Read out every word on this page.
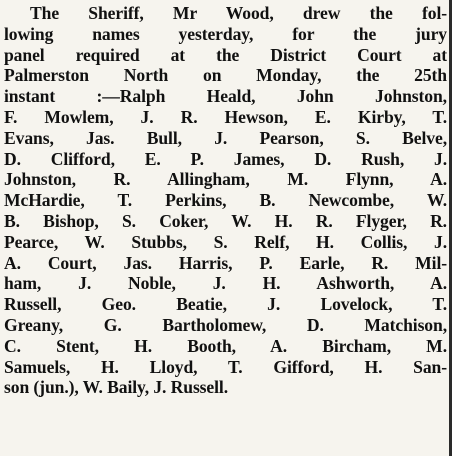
The Sheriff, Mr Wood, drew the fol-
lowing names yesterday, for the jury
panel required at the District Court at
Palmerston North on Monday, the 25th
instant :—Ralph Heald, John Johnston,
F. Mowlem, J. R. Hewson, E. Kirby, T.
Evans, Jas. Bull, J. Pearson, S. Belve,
D. Clifford, E. P. James, D. Rush, J.
Johnston, R. Allingham, M. Flynn, A.
McHardie, T. Perkins, B. Newcombe, W.
B. Bishop, S. Coker, W. H. R. Flyger, R.
Pearce, W. Stubbs, S. Relf, H. Collis, J.
A. Court, Jas. Harris, P. Earle, R. Mil-
ham, J. Noble, J. H. Ashworth, A.
Russell, Geo. Beatie, J. Lovelock, T.
Greany, G. Bartholomew, D. Matchison,
C. Stent, H. Booth, A. Bircham, M.
Samuels, H. Lloyd, T. Gifford, H. San-
son (jun.), W. Baily, J. Russell.
